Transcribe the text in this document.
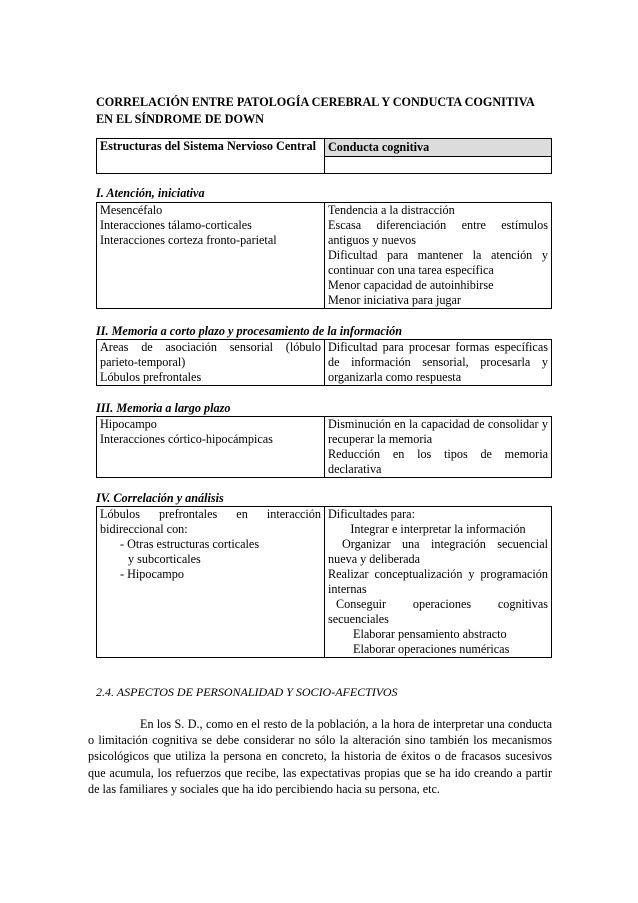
CORRELACIÓN ENTRE PATOLOGÍA CEREBRAL Y CONDUCTA COGNITIVA
EN EL SÍNDROME DE DOWN
Estructuras del Sistema Nervioso Central Conducta cognitiva
I. Atención, iniciativa
Mesencéfalo
Interacciones tálamo-corticales
Interacciones corteza fronto-parietal
Tendencia a la distracción
Escasa diferenciación entre estímulos antiguos y nuevos
Dificultad para mantener la atención y continuar con una tarea específica
Menor capacidad de autoinhibirse
Menor iniciativa para jugar
II. Memoria a corto plazo y procesamiento de la información
Areas de asociación sensorial (lóbulo parieto-temporal)
Lóbulos prefrontales
Dificultad para procesar formas específicas de información sensorial, procesarla y organizarla como respuesta
III. Memoria a largo plazo
Hipocampo
Interacciones córtico-hipocámpicas
Disminución en la capacidad de consolidar y recuperar la memoria
Reducción en los tipos de memoria declarativa
IV. Correlación y análisis
Lóbulos prefrontales en interacción bidireccional con:
- Otras estructuras corticales
y subcorticales
- Hipocampo
Dificultades para:
Integrar e interpretar la información
Organizar una integración secuencial nueva y deliberada
Realizar conceptualización y programación internas
Conseguir operaciones cognitivas secuenciales
Elaborar pensamiento abstracto
Elaborar operaciones numéricas
2.4. ASPECTOS DE PERSONALIDAD Y SOCIO-AFECTIVOS
En los S. D., como en el resto de la población, a la hora de interpretar una conducta o limitación cognitiva se debe considerar no sólo la alteración sino también los mecanismos psicológicos que utiliza la persona en concreto, la historia de éxitos o de fracasos sucesivos que acumula, los refuerzos que recibe, las expectativas propias que se ha ido creando a partir de las familiares y sociales que ha ido percibiendo hacia su persona, etc.
